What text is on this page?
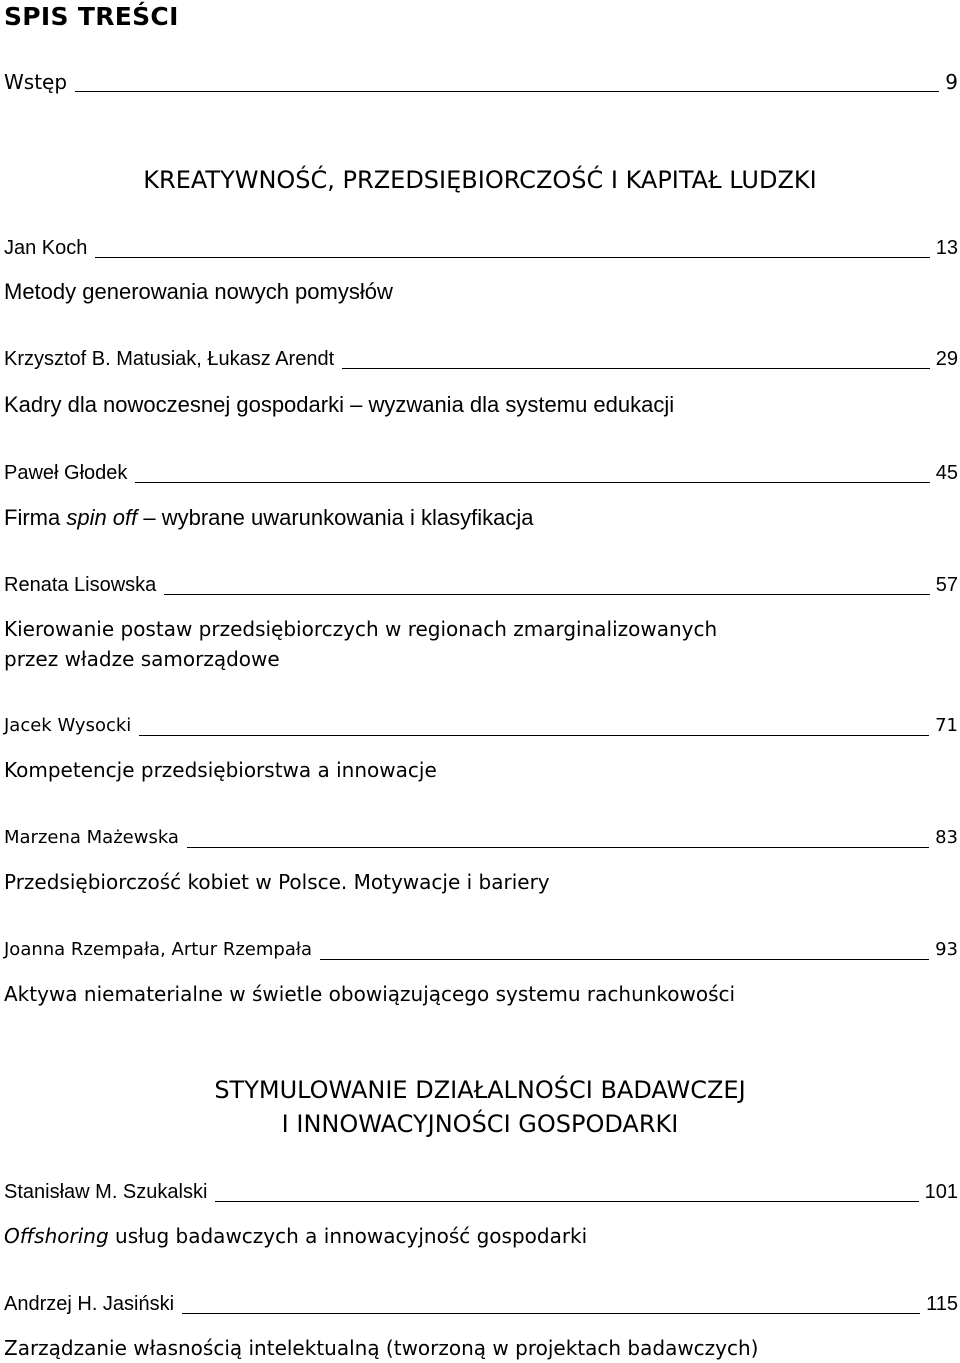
SPIS TREŚCI
Wstęp	9
KREATYWNOŚĆ, PRZEDSIĘBIORCZOŚĆ I KAPITAŁ LUDZKI
Jan Koch	13
Metody generowania nowych pomysłów
Krzysztof B. Matusiak, Łukasz Arendt	29
Kadry dla nowoczesnej gospodarki – wyzwania dla systemu edukacji
Paweł Głodek	45
Firma spin off – wybrane uwarunkowania i klasyfikacja
Renata Lisowska	57
Kierowanie postaw przedsiębiorczych w regionach zmarginalizowanych
przez władze samorządowe
Jacek Wysocki	71
Kompetencje przedsiębiorstwa a innowacje
Marzena Mażewska	83
Przedsiębiorczość kobiet w Polsce. Motywacje i bariery
Joanna Rzempała, Artur Rzempała	93
Aktywa niematerialne w świetle obowiązującego systemu rachunkowości
STYMULOWANIE DZIAŁALNOŚCI BADAWCZEJ
I INNOWACYJNOŚCI GOSPODARKI
Stanisław M. Szukalski	101
Offshoring usług badawczych a innowacyjność gospodarki
Andrzej H. Jasiński	115
Zarządzanie własnością intelektualną (tworzoną w projektach badawczych)
